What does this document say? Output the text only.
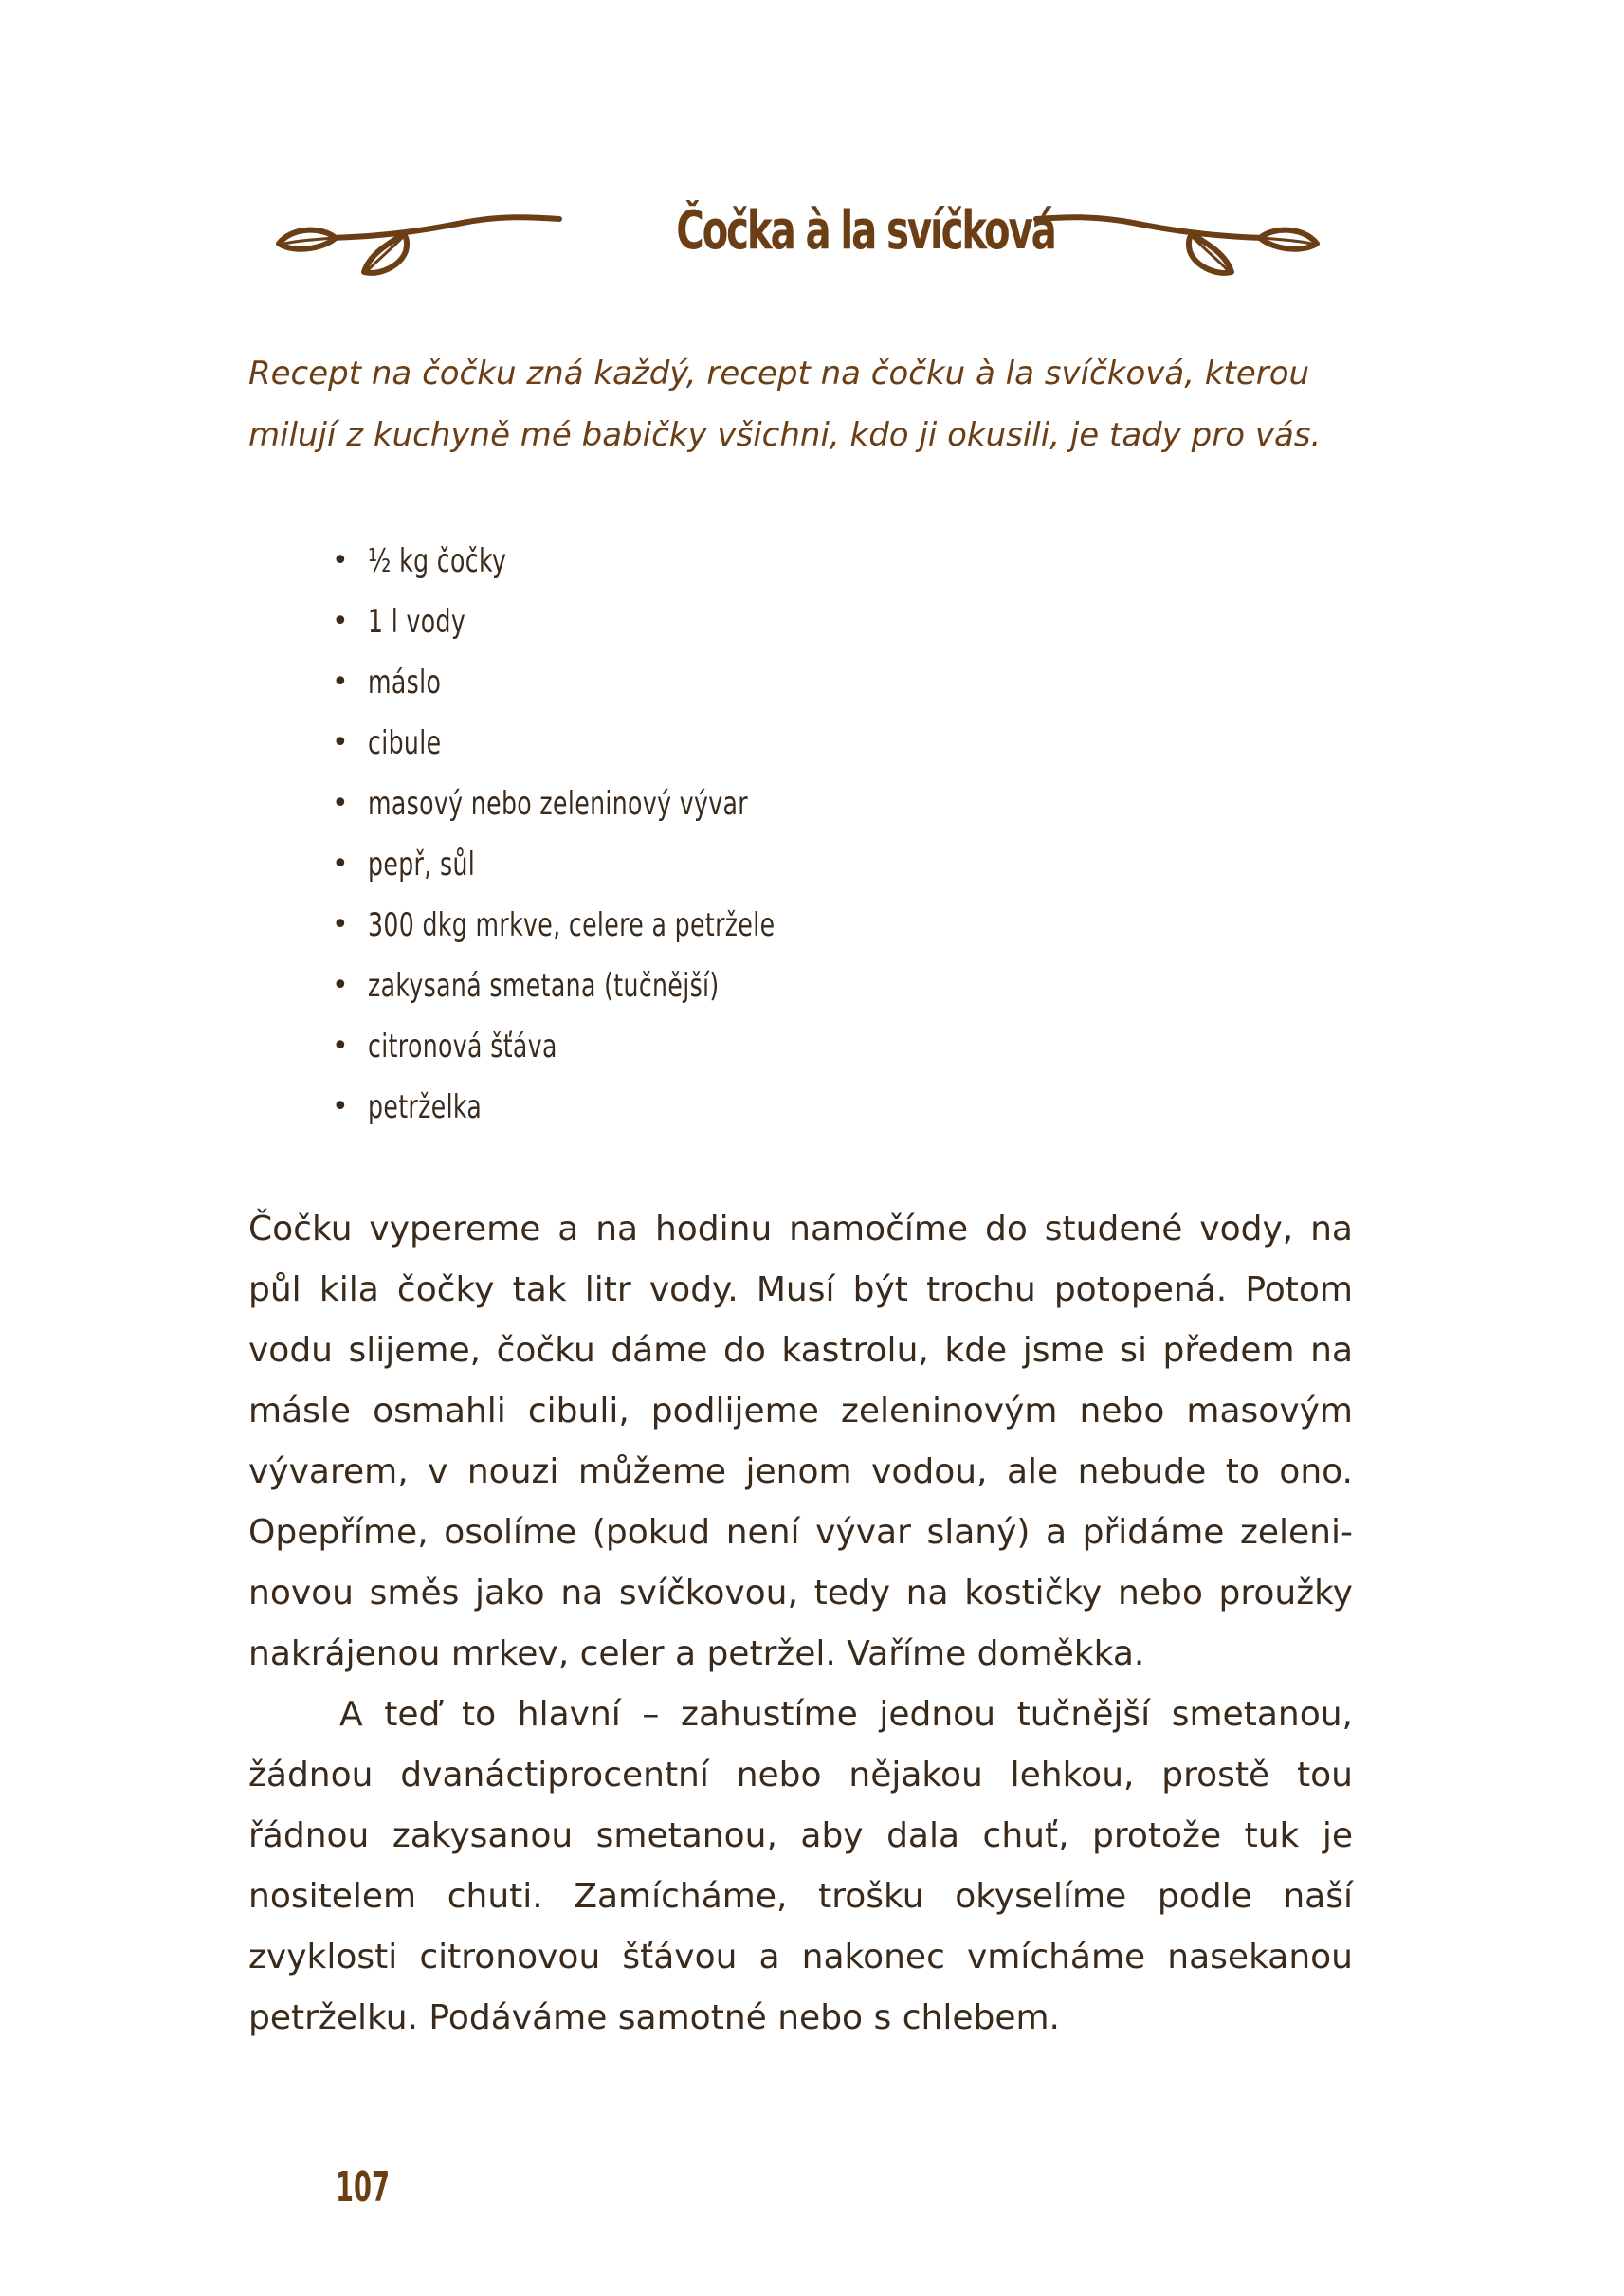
Čočka à la svíčková

Recept na čočku zná každý, recept na čočku à la svíčková, kterou
milují z kuchyně mé babičky všichni, kdo ji okusili, je tady pro vás.

• ½ kg čočky
• 1 l vody
• máslo
• cibule
• masový nebo zeleninový vývar
• pepř, sůl
• 300 dkg mrkve, celere a petržele
• zakysaná smetana (tučnější)
• citronová šťáva
• petrželka

Čočku vypereme a na hodinu namočíme do studené vody, na
půl kila čočky tak litr vody. Musí být trochu potopená. Potom
vodu slijeme, čočku dáme do kastrolu, kde jsme si předem na
másle osmahli cibuli, podlijeme zeleninovým nebo masovým
vývarem, v nouzi můžeme jenom vodou, ale nebude to ono.
Opepříme, osolíme (pokud není vývar slaný) a přidáme zeleni-
novou směs jako na svíčkovou, tedy na kostičky nebo proužky
nakrájenou mrkev, celer a petržel. Vaříme doměkka.

A teď to hlavní – zahustíme jednou tučnější smetanou,
žádnou dvanáctiprocentní nebo nějakou lehkou, prostě tou
řádnou zakysanou smetanou, aby dala chuť, protože tuk je
nositelem chuti. Zamícháme, trošku okyselíme podle naší
zvyklosti citronovou šťávou a nakonec vmícháme nasekanou
petrželku. Podáváme samotné nebo s chlebem.

107
